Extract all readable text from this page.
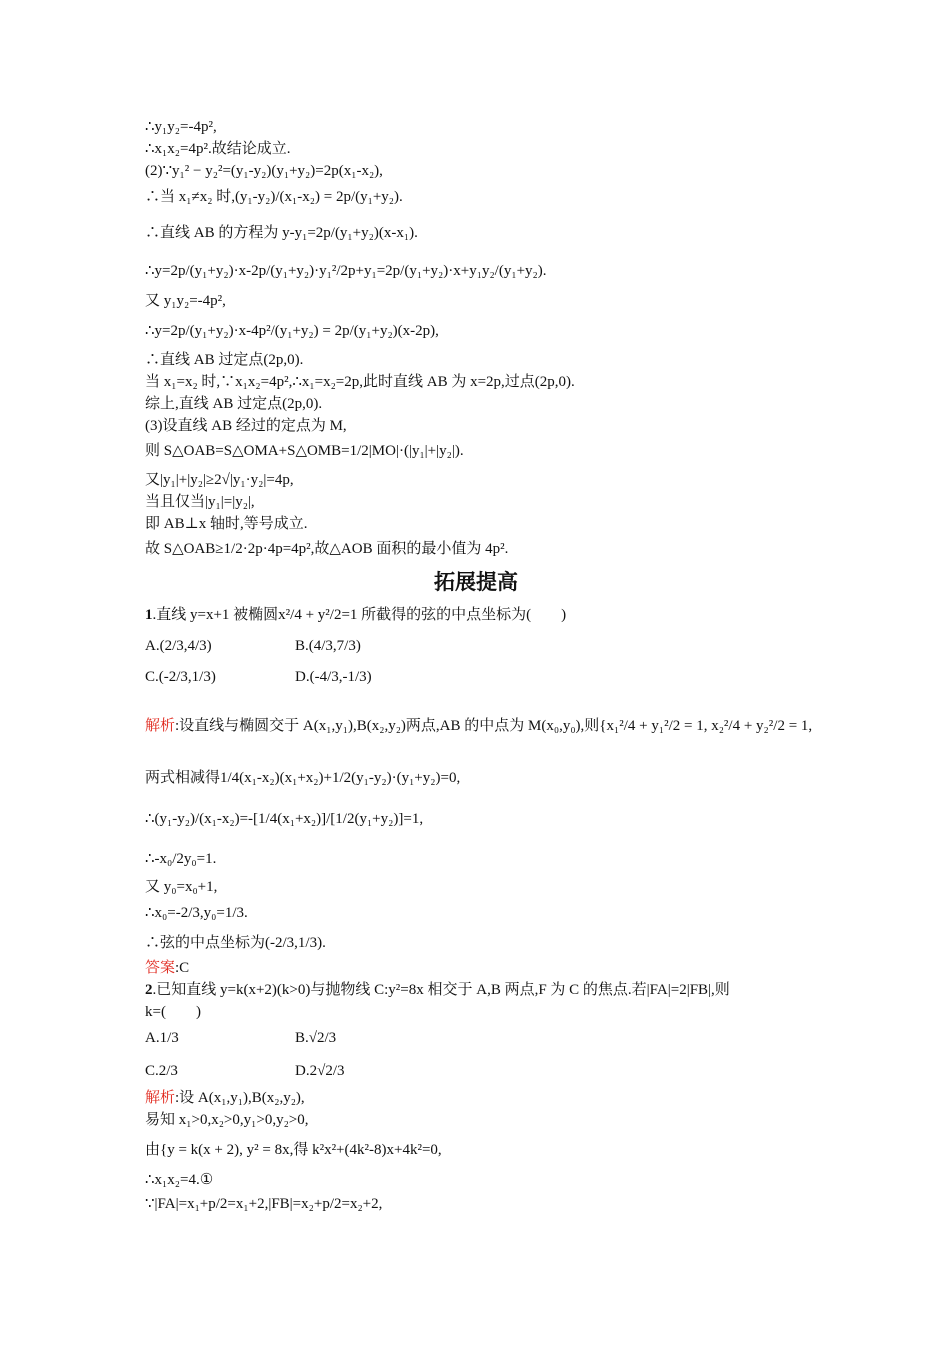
∴y₁y₂=-4p²,
∴x₁x₂=4p².故结论成立.
(2)∵y₁² − y₂²=(y₁-y₂)(y₁+y₂)=2p(x₁-x₂),
∴当 x₁≠x₂ 时,(y₁-y₂)/(x₁-x₂) = 2p/(y₁+y₂).
∴直线 AB 的方程为 y-y₁=2p/(y₁+y₂)(x-x₁).
∴y=2p/(y₁+y₂)·x-2p/(y₁+y₂)·y₁²/2p+y₁=2p/(y₁+y₂)·x+y₁y₂/(y₁+y₂).
又 y₁y₂=-4p²,
∴y=2p/(y₁+y₂)·x-4p²/(y₁+y₂) = 2p/(y₁+y₂)(x-2p),
∴直线 AB 过定点(2p,0).
当 x₁=x₂ 时,∵x₁x₂=4p²,∴x₁=x₂=2p,此时直线 AB 为 x=2p,过点(2p,0).
综上,直线 AB 过定点(2p,0).
(3)设直线 AB 经过的定点为 M,
则 S△OAB=S△OMA+S△OMB=1/2|MO|·(|y₁|+|y₂|).
又|y₁|+|y₂|≥2√|y₁·y₂|=4p,
当且仅当|y₁|=|y₂|,
即 AB⊥x 轴时,等号成立.
故 S△OAB≥1/2·2p·4p=4p²,故△AOB 面积的最小值为 4p².
拓展提高
1.直线 y=x+1 被椭圆x²/4 + y²/2=1 所截得的弦的中点坐标为(　　)
A.(2/3,4/3)	B.(4/3,7/3)
C.(-2/3,1/3)	D.(-4/3,-1/3)
解析:设直线与椭圆交于 A(x₁,y₁),B(x₂,y₂)两点,AB 的中点为 M(x₀,y₀),则{x₁²/4 + y₁²/2 = 1, x₂²/4 + y₂²/2 = 1,
两式相减得1/4(x₁-x₂)(x₁+x₂)+1/2(y₁-y₂)·(y₁+y₂)=0,
∴(y₁-y₂)/(x₁-x₂)=-[1/4(x₁+x₂)]/[1/2(y₁+y₂)]=1,
∴-x₀/2y₀=1.
又 y₀=x₀+1,
∴x₀=-2/3,y₀=1/3.
∴弦的中点坐标为(-2/3,1/3).
答案:C
2.已知直线 y=k(x+2)(k>0)与抛物线 C:y²=8x 相交于 A,B 两点,F 为 C 的焦点.若|FA|=2|FB|,则
k=(　　)
A.1/3	B.√2/3
C.2/3	D.2√2/3
解析:设 A(x₁,y₁),B(x₂,y₂),
易知 x₁>0,x₂>0,y₁>0,y₂>0,
由{y = k(x + 2), y² = 8x,得 k²x²+(4k²-8)x+4k²=0,
∴x₁x₂=4.①
∵|FA|=x₁+p/2=x₁+2,|FB|=x₂+p/2=x₂+2,
